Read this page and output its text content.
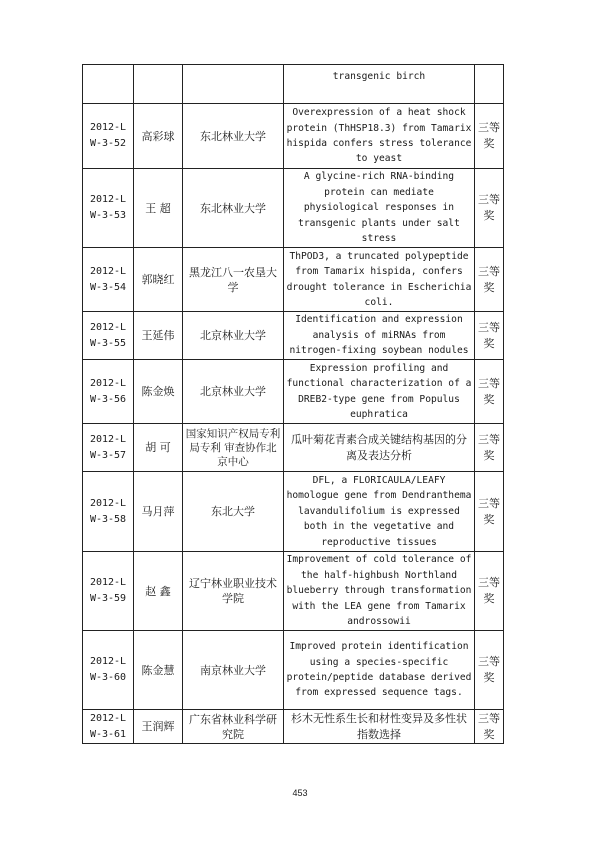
			transgenic birch	
2012-L W-3-52	高彩球	东北林业大学	Overexpression of a heat shock protein (ThHSP18.3) from Tamarix hispida confers stress tolerance to yeast	三等奖
2012-L W-3-53	王 超	东北林业大学	A glycine-rich RNA-binding protein can mediate physiological responses in transgenic plants under salt stress	三等奖
2012-L W-3-54	郭晓红	黑龙江八一农垦大学	ThPOD3, a truncated polypeptide from Tamarix hispida, confers drought tolerance in Escherichia coli.	三等奖
2012-L W-3-55	王延伟	北京林业大学	Identification and expression analysis of miRNAs from nitrogen-fixing soybean nodules	三等奖
2012-L W-3-56	陈金焕	北京林业大学	Expression profiling and functional characterization of a DREB2-type gene from Populus euphratica	三等奖
2012-L W-3-57	胡 可	国家知识产权局专利局专利 审查协作北京中心	瓜叶菊花青素合成关键结构基因的分离及表达分析	三等奖
2012-L W-3-58	马月萍	东北大学	DFL, a FLORICAULA/LEAFY homologue gene from Dendranthema lavandulifolium is expressed both in the vegetative and reproductive tissues	三等奖
2012-L W-3-59	赵 鑫	辽宁林业职业技术学院	Improvement of cold tolerance of the half-highbush Northland blueberry through transformation with the LEA gene from Tamarix androssowii	三等奖
2012-L W-3-60	陈金慧	南京林业大学	Improved protein identification using a species-specific protein/peptide database derived from expressed sequence tags.	三等奖
2012-L W-3-61	王润辉	广东省林业科学研究院	杉木无性系生长和材性变异及多性状指数选择	三等奖
453
